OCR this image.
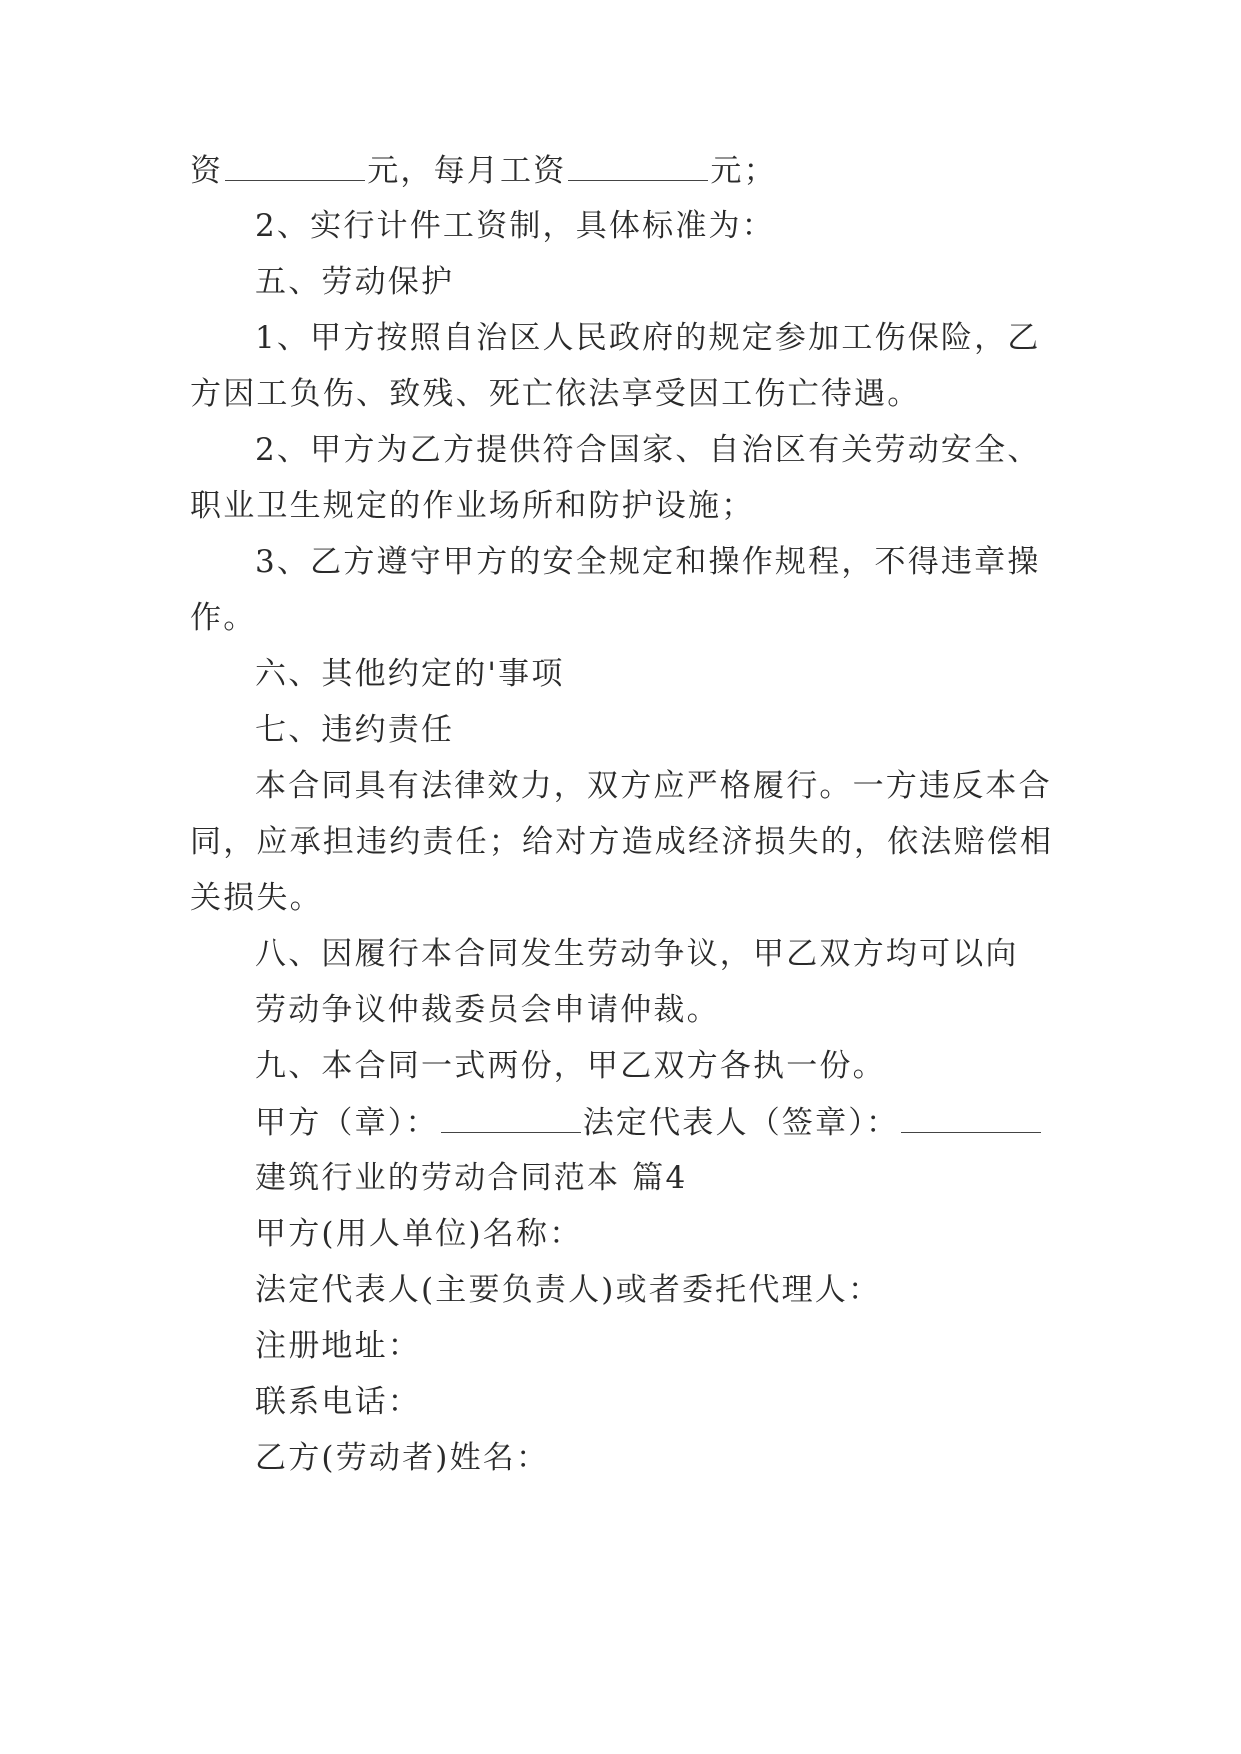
资	元，每月工资	元；
2、实行计件工资制，具体标准为：
五、劳动保护
1、甲方按照自治区人民政府的规定参加工伤保险，乙
方因工负伤、致残、死亡依法享受因工伤亡待遇。
2、甲方为乙方提供符合国家、自治区有关劳动安全、
职业卫生规定的作业场所和防护设施；
3、乙方遵守甲方的安全规定和操作规程，不得违章操
作。
六、其他约定的'事项
七、违约责任
本合同具有法律效力，双方应严格履行。一方违反本合
同，应承担违约责任；给对方造成经济损失的，依法赔偿相
关损失。
八、因履行本合同发生劳动争议，甲乙双方均可以向
劳动争议仲裁委员会申请仲裁。
九、本合同一式两份，甲乙双方各执一份。
甲方（章）：	法定代表人（签章）：
建筑行业的劳动合同范本 篇4
甲方(用人单位)名称：
法定代表人(主要负责人)或者委托代理人：
注册地址：
联系电话：
乙方(劳动者)姓名：
